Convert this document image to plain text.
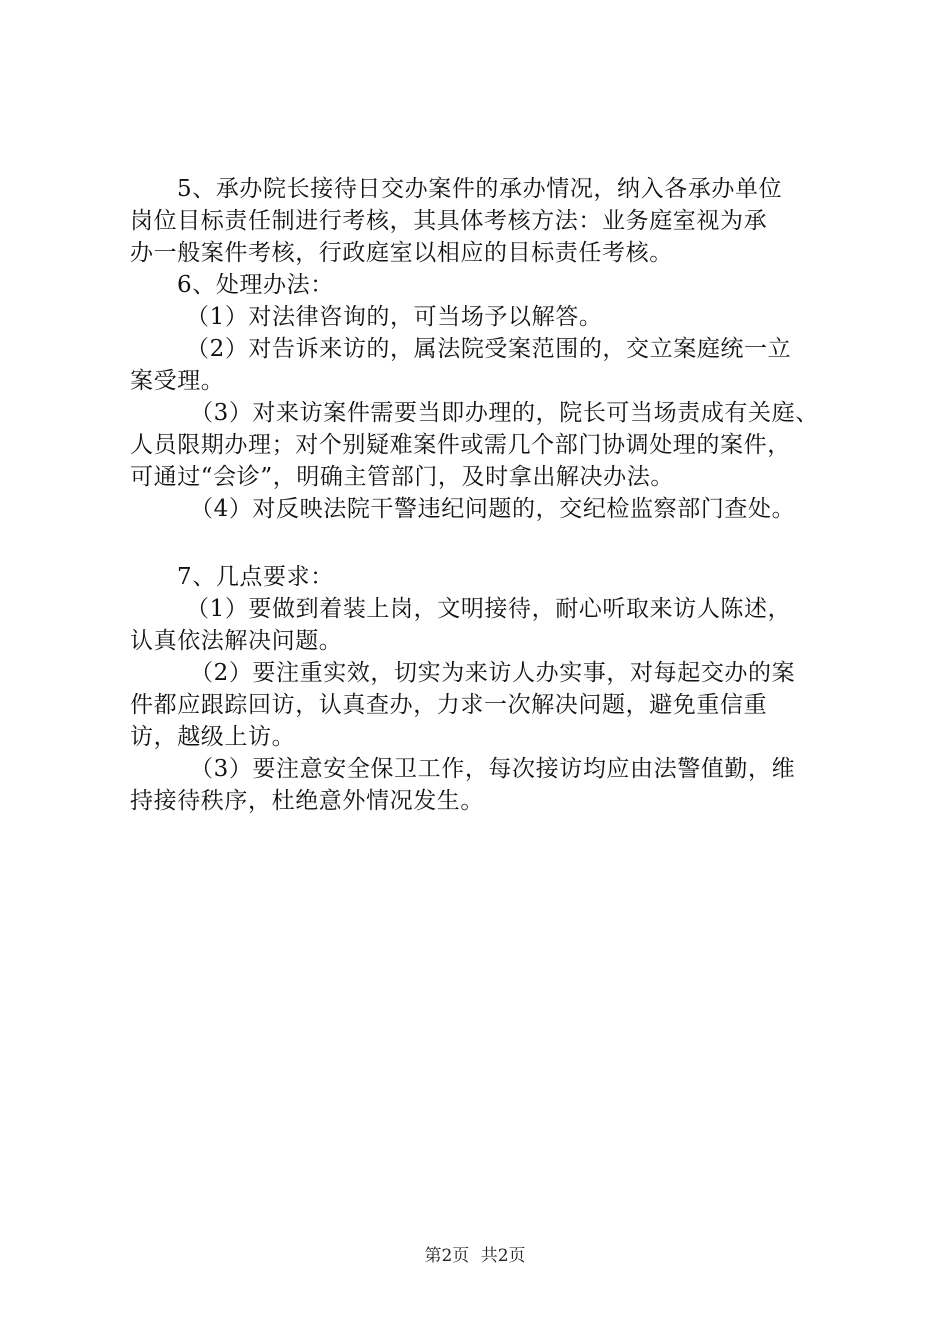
5、承办院长接待日交办案件的承办情况，纳入各承办单位
岗位目标责任制进行考核，其具体考核方法：业务庭室视为承
办一般案件考核，行政庭室以相应的目标责任考核。
6、处理办法：
（1）对法律咨询的，可当场予以解答。
（2）对告诉来访的，属法院受案范围的，交立案庭统一立
案受理。
（3）对来访案件需要当即办理的，院长可当场责成有关庭、
人员限期办理；对个别疑难案件或需几个部门协调处理的案件，
可通过“会诊”，明确主管部门，及时拿出解决办法。
（4）对反映法院干警违纪问题的，交纪检监察部门查处。
7、几点要求：
（1）要做到着装上岗，文明接待，耐心听取来访人陈述，
认真依法解决问题。
（2）要注重实效，切实为来访人办实事，对每起交办的案
件都应跟踪回访，认真查办，力求一次解决问题，避免重信重
访，越级上访。
（3）要注意安全保卫工作，每次接访均应由法警值勤，维
持接待秩序，杜绝意外情况发生。
第2页 共2页
